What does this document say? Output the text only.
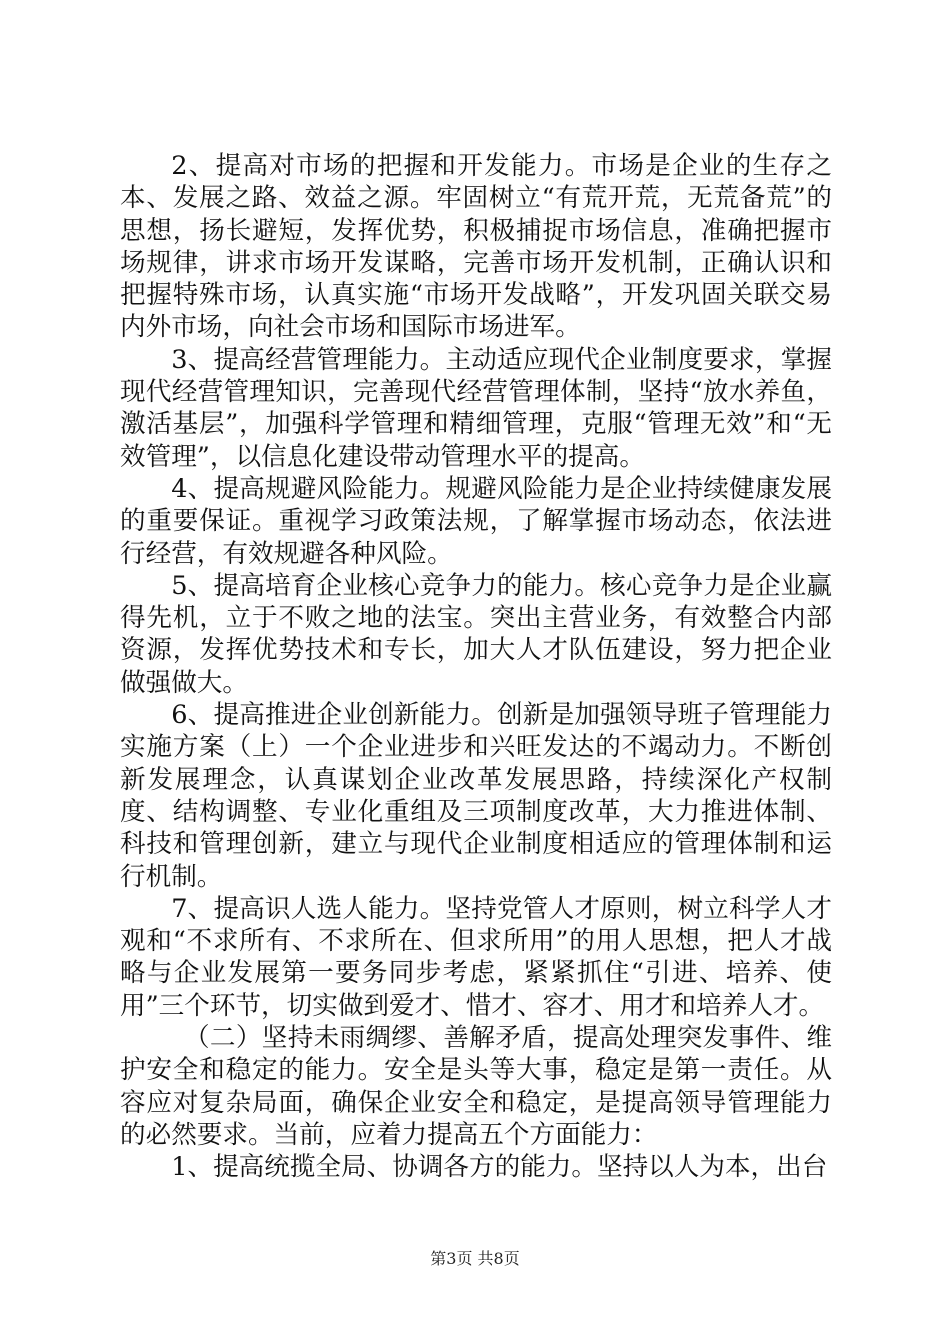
2、提高对市场的把握和开发能力。市场是企业的生存之本、发展之路、效益之源。牢固树立“有荒开荒，无荒备荒”的思想，扬长避短，发挥优势，积极捕捉市场信息，准确把握市场规律，讲求市场开发谋略，完善市场开发机制，正确认识和把握特殊市场，认真实施“市场开发战略”，开发巩固关联交易内外市场，向社会市场和国际市场进军。

3、提高经营管理能力。主动适应现代企业制度要求，掌握现代经营管理知识，完善现代经营管理体制，坚持“放水养鱼，激活基层”，加强科学管理和精细管理，克服“管理无效”和“无效管理”，以信息化建设带动管理水平的提高。

4、提高规避风险能力。规避风险能力是企业持续健康发展的重要保证。重视学习政策法规，了解掌握市场动态，依法进行经营，有效规避各种风险。

5、提高培育企业核心竞争力的能力。核心竞争力是企业赢得先机，立于不败之地的法宝。突出主营业务，有效整合内部资源，发挥优势技术和专长，加大人才队伍建设，努力把企业做强做大。

6、提高推进企业创新能力。创新是加强领导班子管理能力实施方案（上）一个企业进步和兴旺发达的不竭动力。不断创新发展理念，认真谋划企业改革发展思路，持续深化产权制度、结构调整、专业化重组及三项制度改革，大力推进体制、科技和管理创新，建立与现代企业制度相适应的管理体制和运行机制。

7、提高识人选人能力。坚持党管人才原则，树立科学人才观和“不求所有、不求所在、但求所用”的用人思想，把人才战略与企业发展第一要务同步考虑，紧紧抓住“引进、培养、使用”三个环节，切实做到爱才、惜才、容才、用才和培养人才。

（二）坚持未雨绸缪、善解矛盾，提高处理突发事件、维护安全和稳定的能力。安全是头等大事，稳定是第一责任。从容应对复杂局面，确保企业安全和稳定，是提高领导管理能力的必然要求。当前，应着力提高五个方面能力：

1、提高统揽全局、协调各方的能力。坚持以人为本，出台

第3页 共8页
